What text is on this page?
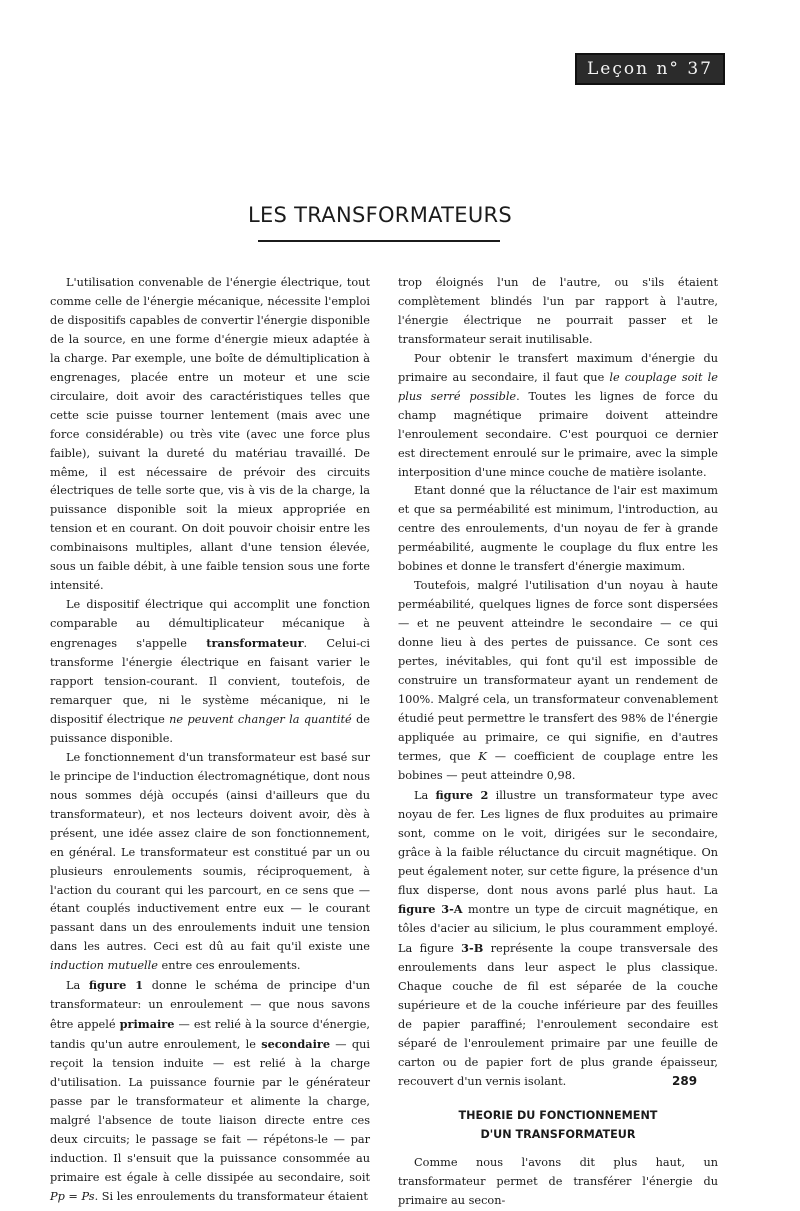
Leçon n° 37
LES TRANSFORMATEURS

L'utilisation convenable de l'énergie électrique, tout comme celle de l'énergie mécanique, nécessite l'emploi de dispositifs capables de convertir l'énergie disponible de la source, en une forme d'énergie mieux adaptée à la charge. Par exemple, une boîte de démultiplication à engrenages, placée entre un moteur et une scie circulaire, doit avoir des caractéristiques telles que cette scie puisse tourner lentement (mais avec une force considérable) ou très vite (avec une force plus faible), suivant la dureté du matériau travaillé. De même, il est nécessaire de prévoir des circuits électriques de telle sorte que, vis à vis de la charge, la puissance disponible soit la mieux appropriée en tension et en courant. On doit pouvoir choisir entre les combinaisons multiples, allant d'une tension élevée, sous un faible débit, à une faible tension sous une forte intensité.

Le dispositif électrique qui accomplit une fonction comparable au démultiplicateur mécanique à engrenages s'appelle transformateur. Celui-ci transforme l'énergie électrique en faisant varier le rapport tension-courant. Il convient, toutefois, de remarquer que, ni le système mécanique, ni le dispositif électrique ne peuvent changer la quantité de puissance disponible.

Le fonctionnement d'un transformateur est basé sur le principe de l'induction électromagnétique, dont nous nous sommes déjà occupés (ainsi d'ailleurs que du transformateur), et nos lecteurs doivent avoir, dès à présent, une idée assez claire de son fonctionnement, en général. Le transformateur est constitué par un ou plusieurs enroulements soumis, réciproquement, à l'action du courant qui les parcourt, en ce sens que — étant couplés inductivement entre eux — le courant passant dans un des enroulements induit une tension dans les autres. Ceci est dû au fait qu'il existe une induction mutuelle entre ces enroulements.

La figure 1 donne le schéma de principe d'un transformateur: un enroulement — que nous savons être appelé primaire — est relié à la source d'énergie, tandis qu'un autre enroulement, le secondaire — qui reçoit la tension induite — est relié à la charge d'utilisation. La puissance fournie par le générateur passe par le transformateur et alimente la charge, malgré l'absence de toute liaison directe entre ces deux circuits; le passage se fait — répétons-le — par induction. Il s'ensuit que la puissance consommée au primaire est égale à celle dissipée au secondaire, soit Pp = Ps. Si les enroulements du transformateur étaient

trop éloignés l'un de l'autre, ou s'ils étaient complètement blindés l'un par rapport à l'autre, l'énergie électrique ne pourrait passer et le transformateur serait inutilisable.

Pour obtenir le transfert maximum d'énergie du primaire au secondaire, il faut que le couplage soit le plus serré possible. Toutes les lignes de force du champ magnétique primaire doivent atteindre l'enroulement secondaire. C'est pourquoi ce dernier est directement enroulé sur le primaire, avec la simple interposition d'une mince couche de matière isolante.

Etant donné que la réluctance de l'air est maximum et que sa perméabilité est minimum, l'introduction, au centre des enroulements, d'un noyau de fer à grande perméabilité, augmente le couplage du flux entre les bobines et donne le transfert d'énergie maximum.

Toutefois, malgré l'utilisation d'un noyau à haute perméabilité, quelques lignes de force sont dispersées — et ne peuvent atteindre le secondaire — ce qui donne lieu à des pertes de puissance. Ce sont ces pertes, inévitables, qui font qu'il est impossible de construire un transformateur ayant un rendement de 100%. Malgré cela, un transformateur convenablement étudié peut permettre le transfert des 98% de l'énergie appliquée au primaire, ce qui signifie, en d'autres termes, que K — coefficient de couplage entre les bobines — peut atteindre 0,98.

La figure 2 illustre un transformateur type avec noyau de fer. Les lignes de flux produites au primaire sont, comme on le voit, dirigées sur le secondaire, grâce à la faible réluctance du circuit magnétique. On peut également noter, sur cette figure, la présence d'un flux disperse, dont nous avons parlé plus haut. La figure 3-A montre un type de circuit magnétique, en tôles d'acier au silicium, le plus couramment employé. La figure 3-B représente la coupe transversale des enroulements dans leur aspect le plus classique. Chaque couche de fil est séparée de la couche supérieure et de la couche inférieure par des feuilles de papier paraffiné; l'enroulement secondaire est séparé de l'enroulement primaire par une feuille de carton ou de papier fort de plus grande épaisseur, recouvert d'un vernis isolant.

THEORIE DU FONCTIONNEMENT
D'UN TRANSFORMATEUR

Comme nous l'avons dit plus haut, un transformateur permet de transférer l'énergie du primaire au secon-

289
